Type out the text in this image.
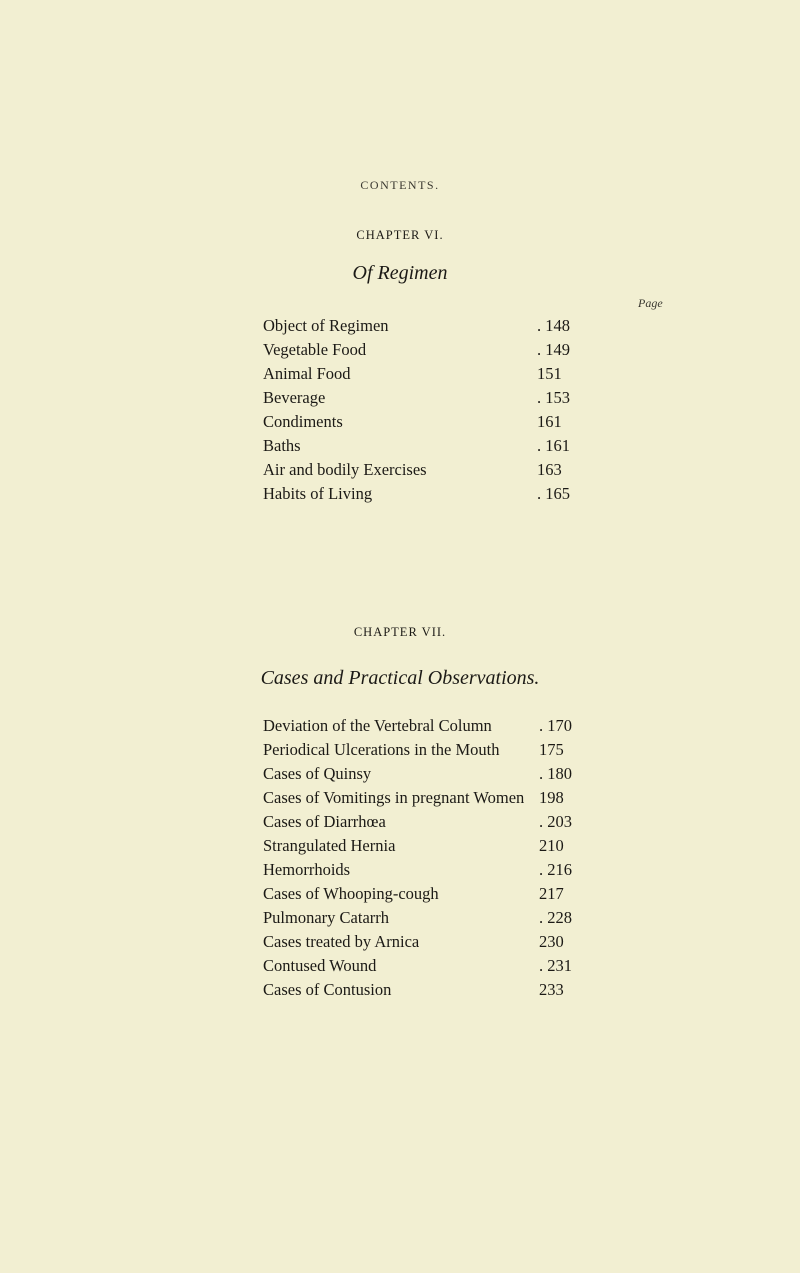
CONTENTS.
CHAPTER VI.
Of Regimen
Page
Object of Regimen	. 148
Vegetable Food	. 149
Animal Food	151
Beverage	. 153
Condiments	161
Baths	. 161
Air and bodily Exercises	163
Habits of Living	. 165
CHAPTER VII.
Cases and Practical Observations.
Deviation of the Vertebral Column	. 170
Periodical Ulcerations in the Mouth	175
Cases of Quinsy	. 180
Cases of Vomitings in pregnant Women 198
Cases of Diarrhœa	. 203
Strangulated Hernia	210
Hemorrhoids	. 216
Cases of Whooping-cough	217
Pulmonary Catarrh	. 228
Cases treated by Arnica	230
Contused Wound	. 231
Cases of Contusion	233
